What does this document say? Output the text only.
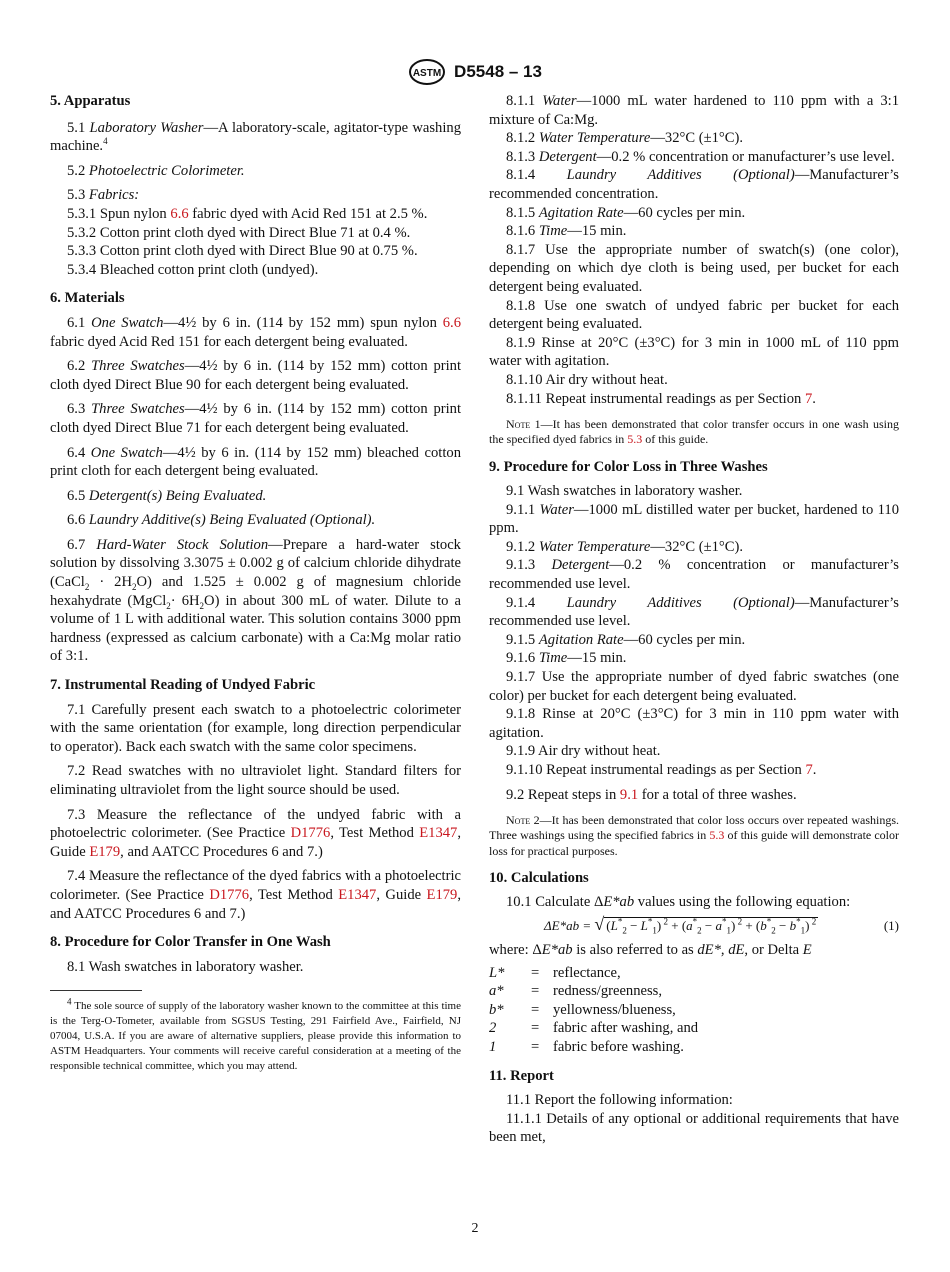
ASTM D5548 – 13
5. Apparatus

5.1 Laboratory Washer—A laboratory-scale, agitator-type washing machine.$^4$

5.2 Photoelectric Colorimeter.

5.3 Fabrics:

5.3.1 Spun nylon 6.6 fabric dyed with Acid Red 151 at 2.5 %.

5.3.2 Cotton print cloth dyed with Direct Blue 71 at 0.4 %.

5.3.3 Cotton print cloth dyed with Direct Blue 90 at 0.75 %.

5.3.4 Bleached cotton print cloth (undyed).

6. Materials

6.1 One Swatch—4½ by 6 in. (114 by 152 mm) spun nylon 6.6 fabric dyed Acid Red 151 for each detergent being evaluated.

6.2 Three Swatches—4½ by 6 in. (114 by 152 mm) cotton print cloth dyed Direct Blue 90 for each detergent being evaluated.

6.3 Three Swatches—4½ by 6 in. (114 by 152 mm) cotton print cloth dyed Direct Blue 71 for each detergent being evaluated.

6.4 One Swatch—4½ by 6 in. (114 by 152 mm) bleached cotton print cloth for each detergent being evaluated.

6.5 Detergent(s) Being Evaluated.

6.6 Laundry Additive(s) Being Evaluated (Optional).

6.7 Hard-Water Stock Solution—Prepare a hard-water stock solution by dissolving 3.3075 ± 0.002 g of calcium chloride dihydrate (CaCl$_2$ · $2H_2O$) and 1.525 ± 0.002 g of magnesium chloride hexahydrate (MgCl$_2$· $6H_2O$) in about 300 mL of water. Dilute to a volume of 1 L with additional water. This solution contains 3000 ppm hardness (expressed as calcium carbonate) with a Ca:Mg molar ratio of 3:1.

7. Instrumental Reading of Undyed Fabric

7.1 Carefully present each swatch to a photoelectric colorimeter with the same orientation (for example, long direction perpendicular to operator). Back each swatch with the same color specimens.

7.2 Read swatches with no ultraviolet light. Standard filters for eliminating ultraviolet from the light source should be used.

7.3 Measure the reflectance of the undyed fabric with a photoelectric colorimeter. (See Practice D1776, Test Method E1347, Guide E179, and AATCC Procedures 6 and 7.)

7.4 Measure the reflectance of the dyed fabrics with a photoelectric colorimeter. (See Practice D1776, Test Method E1347, Guide E179, and AATCC Procedures 6 and 7.)

8. Procedure for Color Transfer in One Wash

8.1 Wash swatches in laboratory washer.

$^4$ The sole source of supply of the laboratory washer known to the committee at this time is the Terg-O-Tometer, available from SGSUS Testing, 291 Fairfield Ave., Fairfield, NJ 07004, U.S.A. If you are aware of alternative suppliers, please provide this information to ASTM Headquarters. Your comments will receive careful consideration at a meeting of the responsible technical committee, which you may attend.

8.1.1 Water—1000 mL water hardened to 110 ppm with a 3:1 mixture of Ca:Mg.

8.1.2 Water Temperature—32°C (±1°C).

8.1.3 Detergent—0.2 % concentration or manufacturer’s use level.

8.1.4 Laundry Additives (Optional)—Manufacturer’s recommended concentration.

8.1.5 Agitation Rate—60 cycles per min.

8.1.6 Time—15 min.

8.1.7 Use the appropriate number of swatch(s) (one color), depending on which dye cloth is being used, per bucket for each detergent being evaluated.

8.1.8 Use one swatch of undyed fabric per bucket for each detergent being evaluated.

8.1.9 Rinse at 20°C (±3°C) for 3 min in 1000 mL of 110 ppm water with agitation.

8.1.10 Air dry without heat.

8.1.11 Repeat instrumental readings as per Section 7.

Note 1—It has been demonstrated that color transfer occurs in one wash using the specified dyed fabrics in 5.3 of this guide.

9. Procedure for Color Loss in Three Washes

9.1 Wash swatches in laboratory washer.

9.1.1 Water—1000 mL distilled water per bucket, hardened to 110 ppm.

9.1.2 Water Temperature—32°C (±1°C).

9.1.3 Detergent—0.2 % concentration or manufacturer’s recommended use level.

9.1.4 Laundry Additives (Optional)—Manufacturer’s recommended use level.

9.1.5 Agitation Rate—60 cycles per min.

9.1.6 Time—15 min.

9.1.7 Use the appropriate number of dyed fabric swatches (one color) per bucket for each detergent being evaluated.

9.1.8 Rinse at 20°C (±3°C) for 3 min in 110 ppm water with agitation.

9.1.9 Air dry without heat.

9.1.10 Repeat instrumental readings as per Section 7.

9.2 Repeat steps in 9.1 for a total of three washes.

Note 2—It has been demonstrated that color loss occurs over repeated washings. Three washings using the specified fabrics in 5.3 of this guide will demonstrate color loss for practical purposes.

10. Calculations

10.1 Calculate ΔE*ab values using the following equation:

ΔE*ab = √ $(L^*_2 - L^*_1) ^2 + (a^*_2 - a^*_1) ^2 + (b^*_2 - b^*_1)$ $^2$	(1)

where: ΔE*ab is also referred to as dE*, dE, or Delta E

L*	= reflectance,
a*	= redness/greenness,
b*	= yellowness/blueness,
2	= fabric after washing, and
1	= fabric before washing.
11. Report

11.1 Report the following information:

11.1.1 Details of any optional or additional requirements that have been met,

2
